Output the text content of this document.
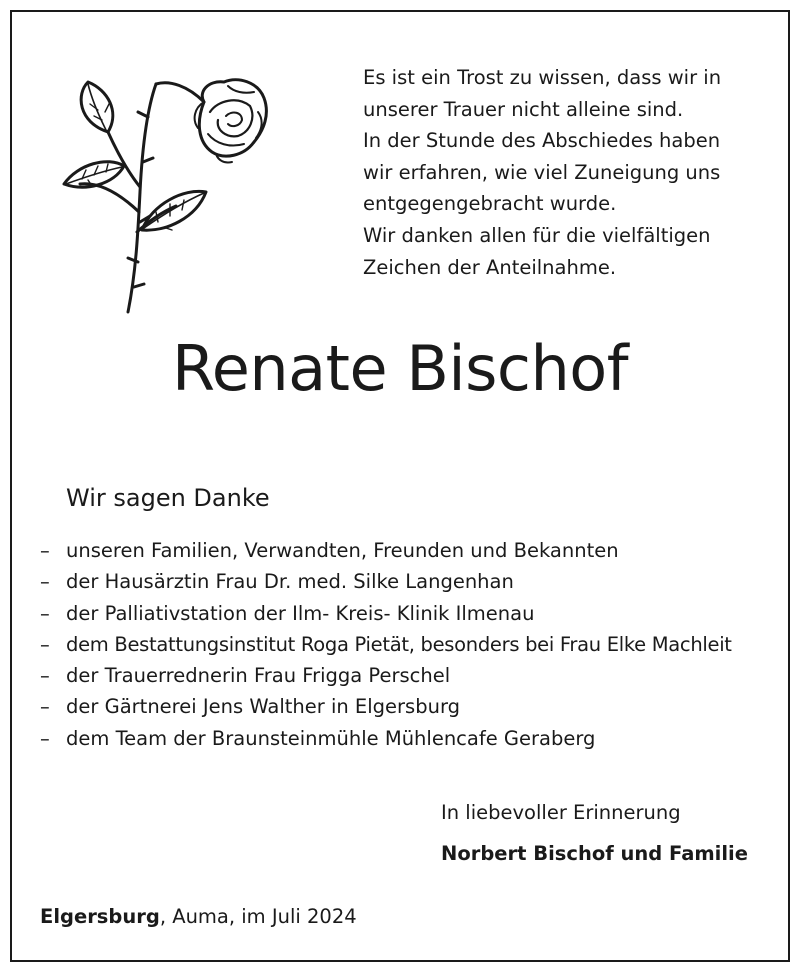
Es ist ein Trost zu wissen, dass wir in
unserer Trauer nicht alleine sind.
In der Stunde des Abschiedes haben
wir erfahren, wie viel Zuneigung uns
entgegengebracht wurde.
Wir danken allen für die vielfältigen
Zeichen der Anteilnahme.
Renate Bischof
Wir sagen Danke
– unseren Familien, Verwandten, Freunden und Bekannten
– der Hausärztin Frau Dr. med. Silke Langenhan
– der Palliativstation der Ilm- Kreis- Klinik Ilmenau
– dem Bestattungsinstitut Roga Pietät, besonders bei Frau Elke Machleit
– der Trauerrednerin Frau Frigga Perschel
– der Gärtnerei Jens Walther in Elgersburg
– dem Team der Braunsteinmühle Mühlencafe Geraberg

In liebevoller Erinnerung

Norbert Bischof und Familie

Elgersburg, Auma, im Juli 2024
